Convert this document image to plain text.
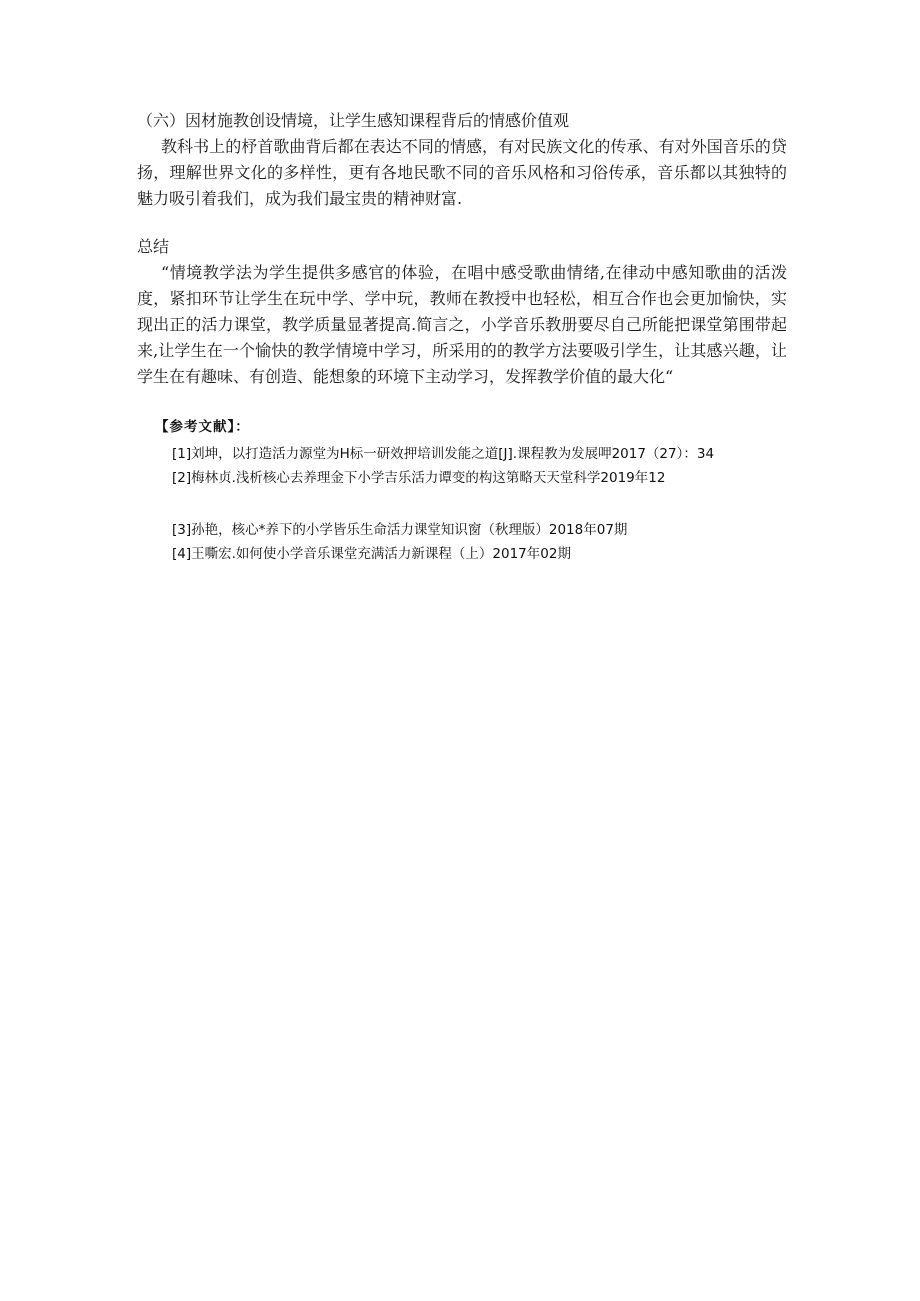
（六）因材施教创设情境，让学生感知课程背后的情感价值观

教科书上的杼首歌曲背后都在表达不同的情感，有对民族文化的传承、有对外国音乐的贷扬，理解世界文化的多样性，更有各地民歌不同的音乐风格和习俗传承，音乐都以其独特的魅力吸引着我们，成为我们最宝贵的精神财富.

总结

“情境教学法为学生提供多感官的体验，在唱中感受歌曲情绪,在律动中感知歌曲的活泼度，紧扣环节让学生在玩中学、学中玩，教师在教授中也轻松，相互合作也会更加愉快，实现出正的活力课堂，教学质量显著提高.简言之，小学音乐教册要尽自己所能把课堂第围带起来,让学生在一个愉快的教学情境中学习，所采用的的教学方法要吸引学生，让其感兴趣，让学生在有趣味、有创造、能想象的环境下主动学习，发挥教学价值的最大化“

【参考文献】：

[1]刘坤，以打造活力源堂为H标一研效押培训发能之道[J].课程教为发展呷2017（27）：34

[2]梅林贞.浅析核心去养理金下小学吉乐活力谭变的构这第略天天堂科学2019年12

[3]孙艳，核心*养下的小学皆乐生命活力课堂知识窗（秋理版）2018年07期

[4]王嘶宏.如何使小学音乐课堂充满活力新课程（上）2017年02期
